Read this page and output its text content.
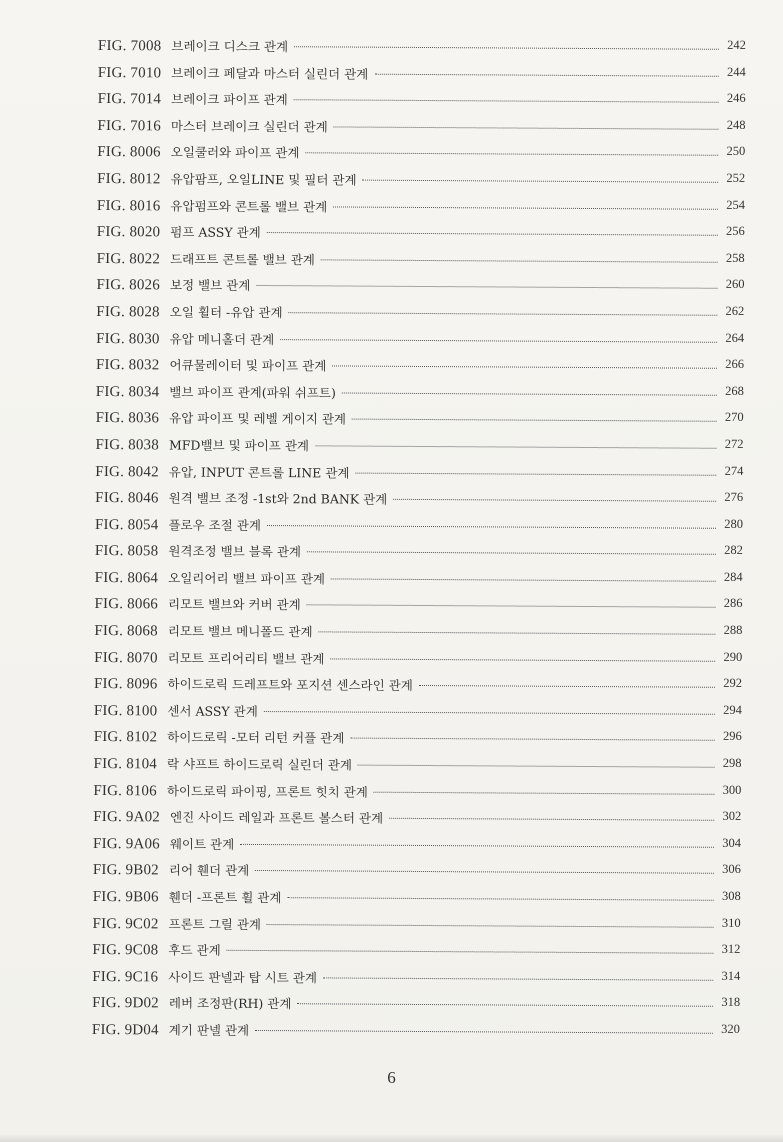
FIG. 7008 브레이크 디스크 관계	242
FIG. 7010 브레이크 페달과 마스터 실린더 관계	244
FIG. 7014 브레이크 파이프 관계	246
FIG. 7016 마스터 브레이크 실린더 관계	248
FIG. 8006 오일쿨러와 파이프 관계	250
FIG. 8012 유압팜프, 오일LINE 및 필터 관계	252
FIG. 8016 유압펌프와 콘트롤 밸브 관계	254
FIG. 8020 펌프 ASSY 관계	256
FIG. 8022 드래프트 콘트롤 밸브 관계	258
FIG. 8026 보정 밸브 관계	260
FIG. 8028 오일 휠터 -유압 관계	262
FIG. 8030 유압 메니홀더 관계	264
FIG. 8032 어큐물레이터 및 파이프 관계	266
FIG. 8034 밸브 파이프 관계(파워 쉬프트)	268
FIG. 8036 유압 파이프 및 레벨 게이지 관계	270
FIG. 8038 MFD밸브 및 파이프 관계	272
FIG. 8042 유압, INPUT 콘트롤 LINE 관계	274
FIG. 8046 원격 밸브 조정 -1st와 2nd BANK 관계	276
FIG. 8054 플로우 조절 관계	280
FIG. 8058 원격조정 밸브 블록 관계	282
FIG. 8064 오일리어리 밸브 파이프 관계	284
FIG. 8066 리모트 밸브와 커버 관계	286
FIG. 8068 리모트 밸브 메니폴드 관계	288
FIG. 8070 리모트 프리어리티 밸브 관계	290
FIG. 8096 하이드로릭 드레프트와 포지션 센스라인 관계	292
FIG. 8100 센서 ASSY 관계	294
FIG. 8102 하이드로릭 -모터 리턴 커플 관계	296
FIG. 8104 락 샤프트 하이드로릭 실린더 관계	298
FIG. 8106 하이드로릭 파이핑, 프론트 힛치 관계	300
FIG. 9A02 엔진 사이드 레일과 프론트 볼스터 관계	302
FIG. 9A06 웨이트 관계	304
FIG. 9B02 리어 휀더 관계	306
FIG. 9B06 휀더 -프론트 휠 관계	308
FIG. 9C02 프론트 그릴 관계	310
FIG. 9C08 후드 관계	312
FIG. 9C16 사이드 판넬과 탑 시트 관계	314
FIG. 9D02 레버 조정판(RH) 관계	318
FIG. 9D04 계기 판넬 관계	320
6
